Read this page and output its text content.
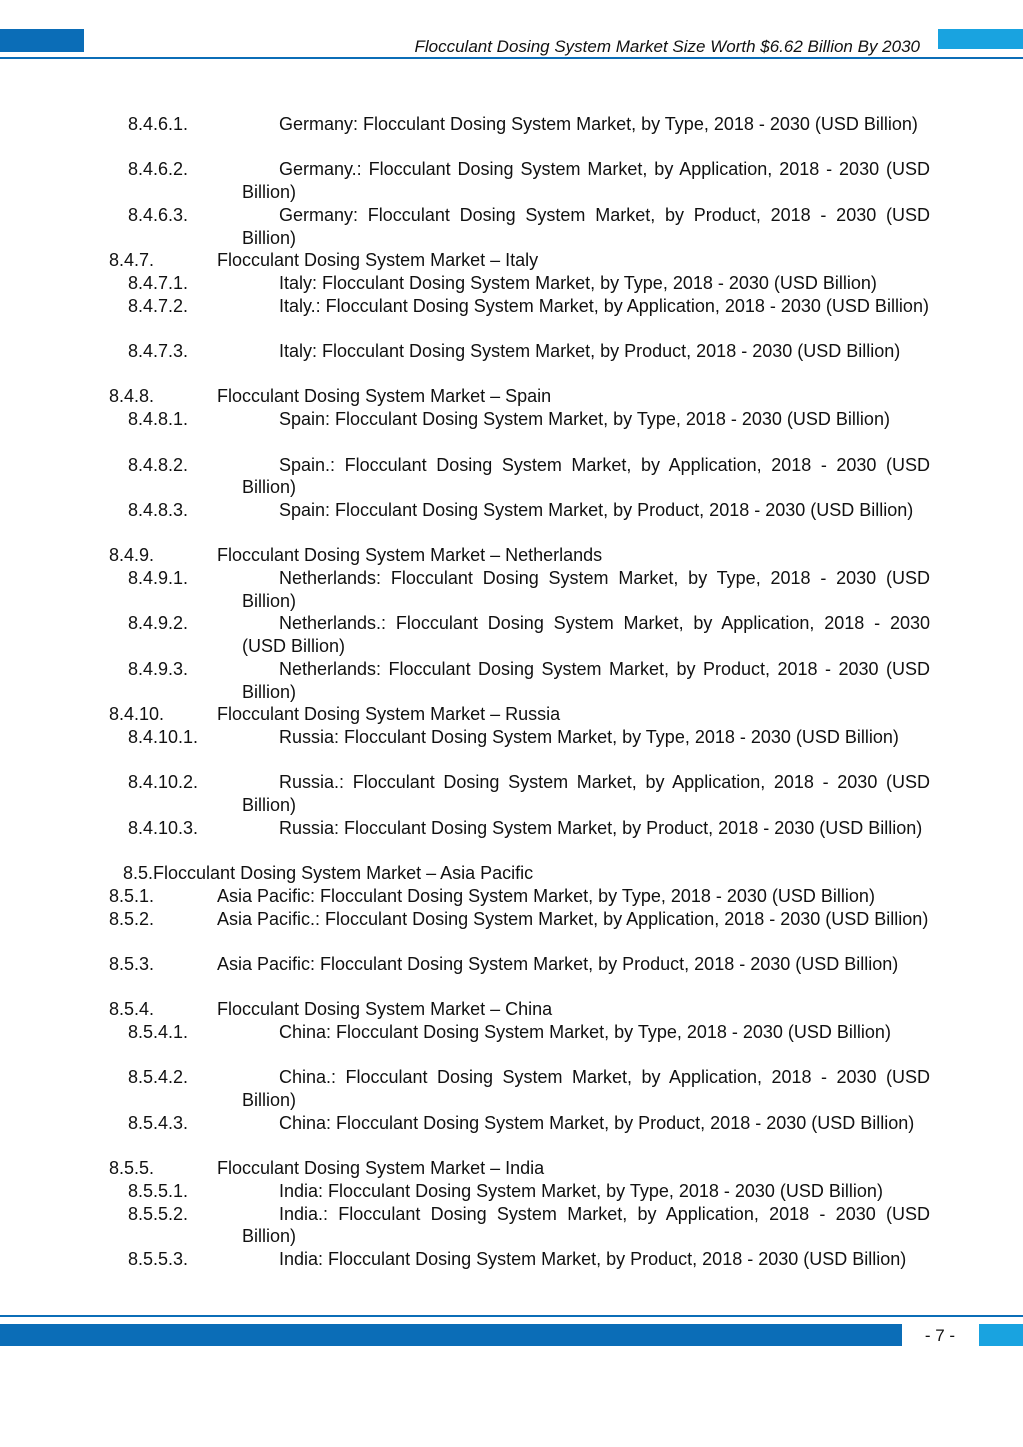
Flocculant Dosing System Market Size Worth $6.62 Billion By 2030

8.4.6.1.	Germany: Flocculant Dosing System Market, by Type, 2018 - 2030 (USD Billion)

8.4.6.2.	Germany.: Flocculant Dosing System Market, by Application, 2018 - 2030 (USD Billion)

8.4.6.3.	Germany: Flocculant Dosing System Market, by Product, 2018 - 2030 (USD Billion)

8.4.7.	Flocculant Dosing System Market – Italy

8.4.7.1.	Italy: Flocculant Dosing System Market, by Type, 2018 - 2030 (USD Billion)

8.4.7.2.	Italy.: Flocculant Dosing System Market, by Application, 2018 - 2030 (USD Billion)

8.4.7.3.	Italy: Flocculant Dosing System Market, by Product, 2018 - 2030 (USD Billion)

8.4.8.	Flocculant Dosing System Market – Spain

8.4.8.1.	Spain: Flocculant Dosing System Market, by Type, 2018 - 2030 (USD Billion)

8.4.8.2.	Spain.: Flocculant Dosing System Market, by Application, 2018 - 2030 (USD Billion)

8.4.8.3.	Spain: Flocculant Dosing System Market, by Product, 2018 - 2030 (USD Billion)

8.4.9.	Flocculant Dosing System Market – Netherlands

8.4.9.1.	Netherlands: Flocculant Dosing System Market, by Type, 2018 - 2030 (USD Billion)

8.4.9.2.	Netherlands.: Flocculant Dosing System Market, by Application, 2018 - 2030 (USD Billion)

8.4.9.3.	Netherlands: Flocculant Dosing System Market, by Product, 2018 - 2030 (USD Billion)

8.4.10.	Flocculant Dosing System Market – Russia

8.4.10.1.	Russia: Flocculant Dosing System Market, by Type, 2018 - 2030 (USD Billion)

8.4.10.2.	Russia.: Flocculant Dosing System Market, by Application, 2018 - 2030 (USD Billion)

8.4.10.3.	Russia: Flocculant Dosing System Market, by Product, 2018 - 2030 (USD Billion)

8.5.Flocculant Dosing System Market – Asia Pacific

8.5.1.	Asia Pacific: Flocculant Dosing System Market, by Type, 2018 - 2030 (USD Billion)

8.5.2.	Asia Pacific.: Flocculant Dosing System Market, by Application, 2018 - 2030 (USD Billion)

8.5.3.	Asia Pacific: Flocculant Dosing System Market, by Product, 2018 - 2030 (USD Billion)

8.5.4.	Flocculant Dosing System Market – China

8.5.4.1.	China: Flocculant Dosing System Market, by Type, 2018 - 2030 (USD Billion)

8.5.4.2.	China.: Flocculant Dosing System Market, by Application, 2018 - 2030 (USD Billion)

8.5.4.3.	China: Flocculant Dosing System Market, by Product, 2018 - 2030 (USD Billion)

8.5.5.	Flocculant Dosing System Market – India

8.5.5.1.	India: Flocculant Dosing System Market, by Type, 2018 - 2030 (USD Billion)

8.5.5.2.	India.: Flocculant Dosing System Market, by Application, 2018 - 2030 (USD Billion)

8.5.5.3.	India: Flocculant Dosing System Market, by Product, 2018 - 2030 (USD Billion)

- 7 -
